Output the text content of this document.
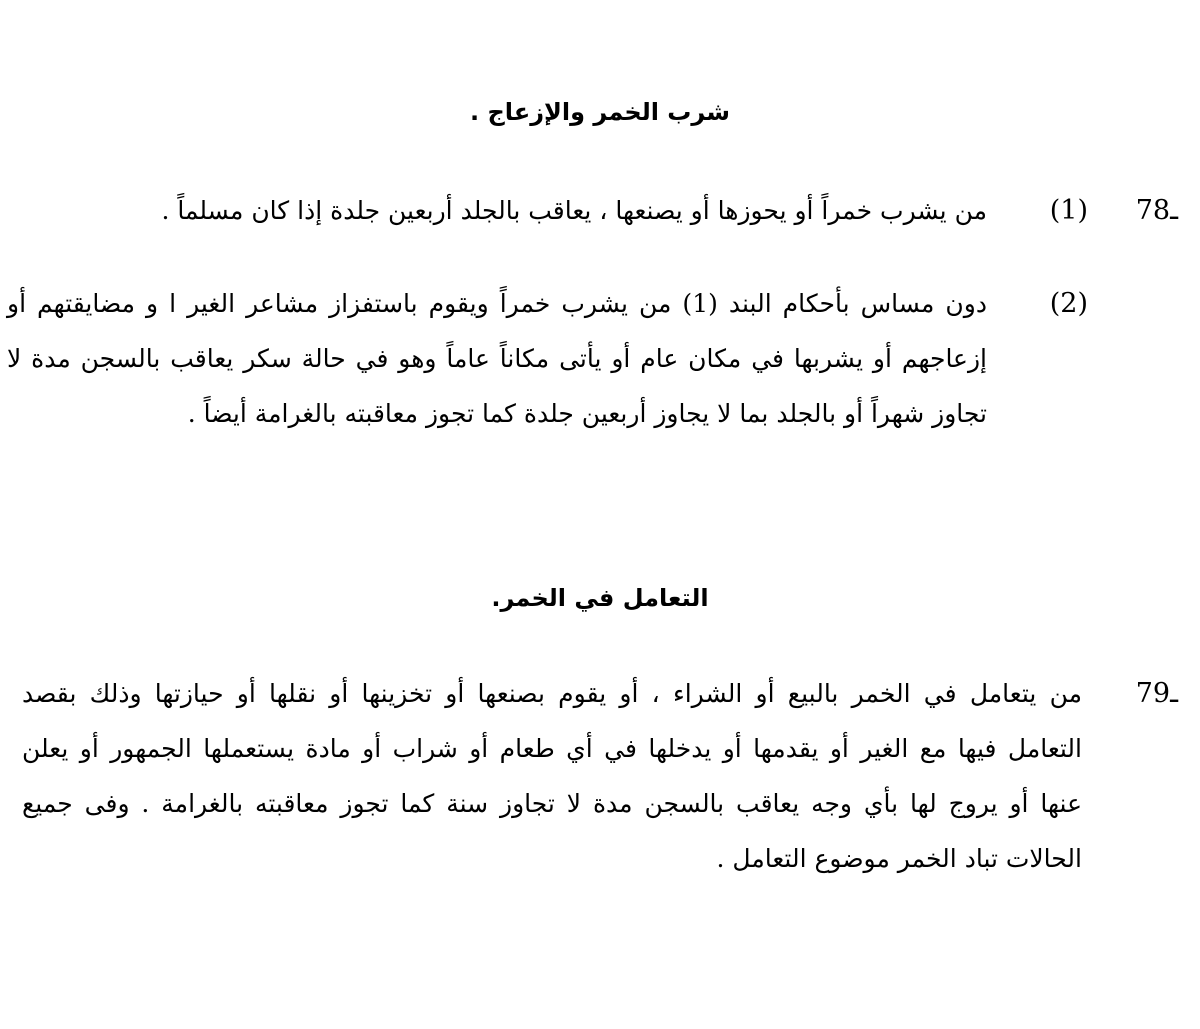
شرب الخمر والإزعاج .
78ـ
(1)
من يشرب خمراً أو يحوزها أو يصنعها ، يعاقب بالجلد أربعين جلدة إذا كان مسلماً .
(2)
دون مساس بأحكام البند (1) من يشرب خمراً ويقوم باستفزاز مشاعر الغير ا و مضايقتهم أو
إزعاجهم أو يشربها في مكان عام أو يأتى مكاناً عاماً وهو في حالة سكر يعاقب بالسجن مدة لا
تجاوز شهراً أو بالجلد بما لا يجاوز أربعين جلدة كما تجوز معاقبته بالغرامة أيضاً .
التعامل في الخمر.
79ـ
من يتعامل في الخمر بالبيع أو الشراء ، أو يقوم بصنعها أو تخزينها أو نقلها أو حيازتها وذلك بقصد
التعامل فيها مع الغير أو يقدمها أو يدخلها في أي طعام أو شراب أو مادة يستعملها الجمهور أو يعلن
عنها أو يروج لها بأي وجه يعاقب بالسجن مدة لا تجاوز سنة كما تجوز معاقبته بالغرامة . وفى جميع
الحالات تباد الخمر موضوع التعامل .
